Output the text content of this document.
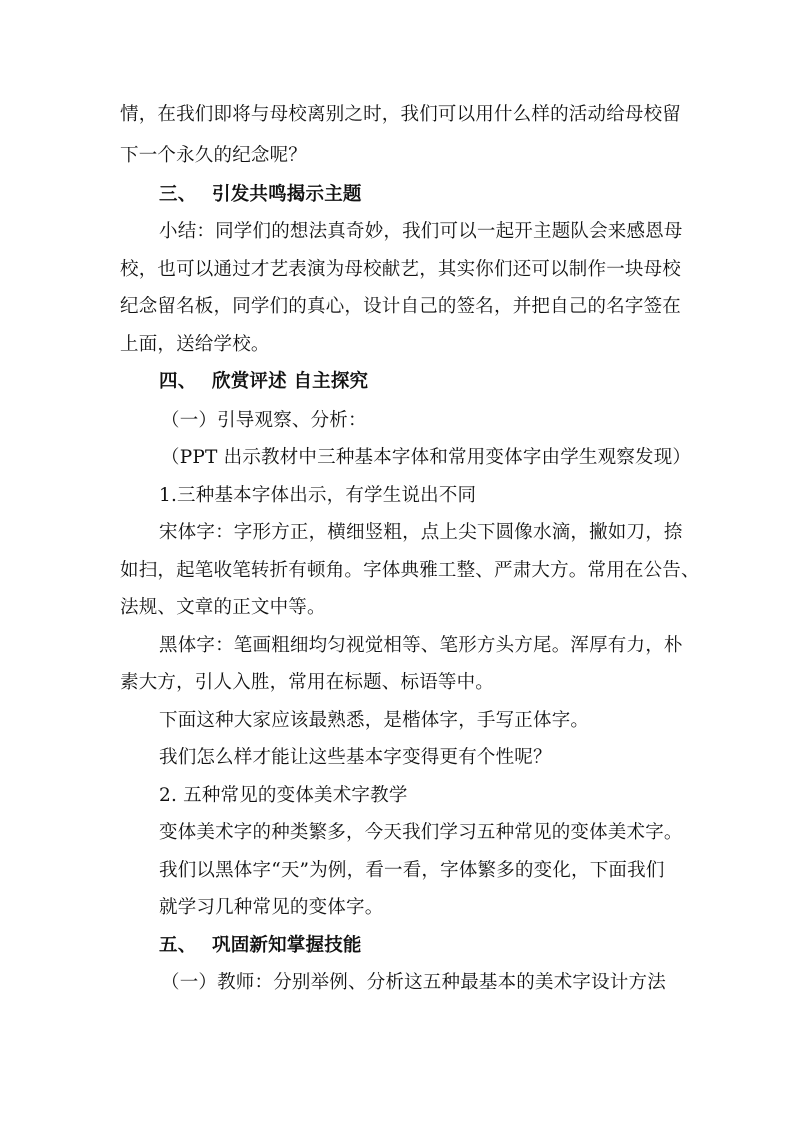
情，在我们即将与母校离别之时，我们可以用什么样的活动给母校留
下一个永久的纪念呢？
三、 引发共鸣揭示主题
小结：同学们的想法真奇妙，我们可以一起开主题队会来感恩母
校，也可以通过才艺表演为母校献艺，其实你们还可以制作一块母校
纪念留名板，同学们的真心，设计自己的签名，并把自己的名字签在
上面，送给学校。
四、 欣赏评述 自主探究
（一）引导观察、分析：
（PPT 出示教材中三种基本字体和常用变体字由学生观察发现）
1.三种基本字体出示，有学生说出不同
宋体字：字形方正，横细竖粗，点上尖下圆像水滴，撇如刀，捺
如扫，起笔收笔转折有顿角。字体典雅工整、严肃大方。常用在公告、
法规、文章的正文中等。
黑体字：笔画粗细均匀视觉相等、笔形方头方尾。浑厚有力，朴
素大方，引人入胜，常用在标题、标语等中。
下面这种大家应该最熟悉，是楷体字，手写正体字。
我们怎么样才能让这些基本字变得更有个性呢？
2. 五种常见的变体美术字教学
变体美术字的种类繁多，今天我们学习五种常见的变体美术字。
我们以黑体字“天”为例，看一看，字体繁多的变化，下面我们
就学习几种常见的变体字。
五、 巩固新知掌握技能
（一）教师：分别举例、分析这五种最基本的美术字设计方法
